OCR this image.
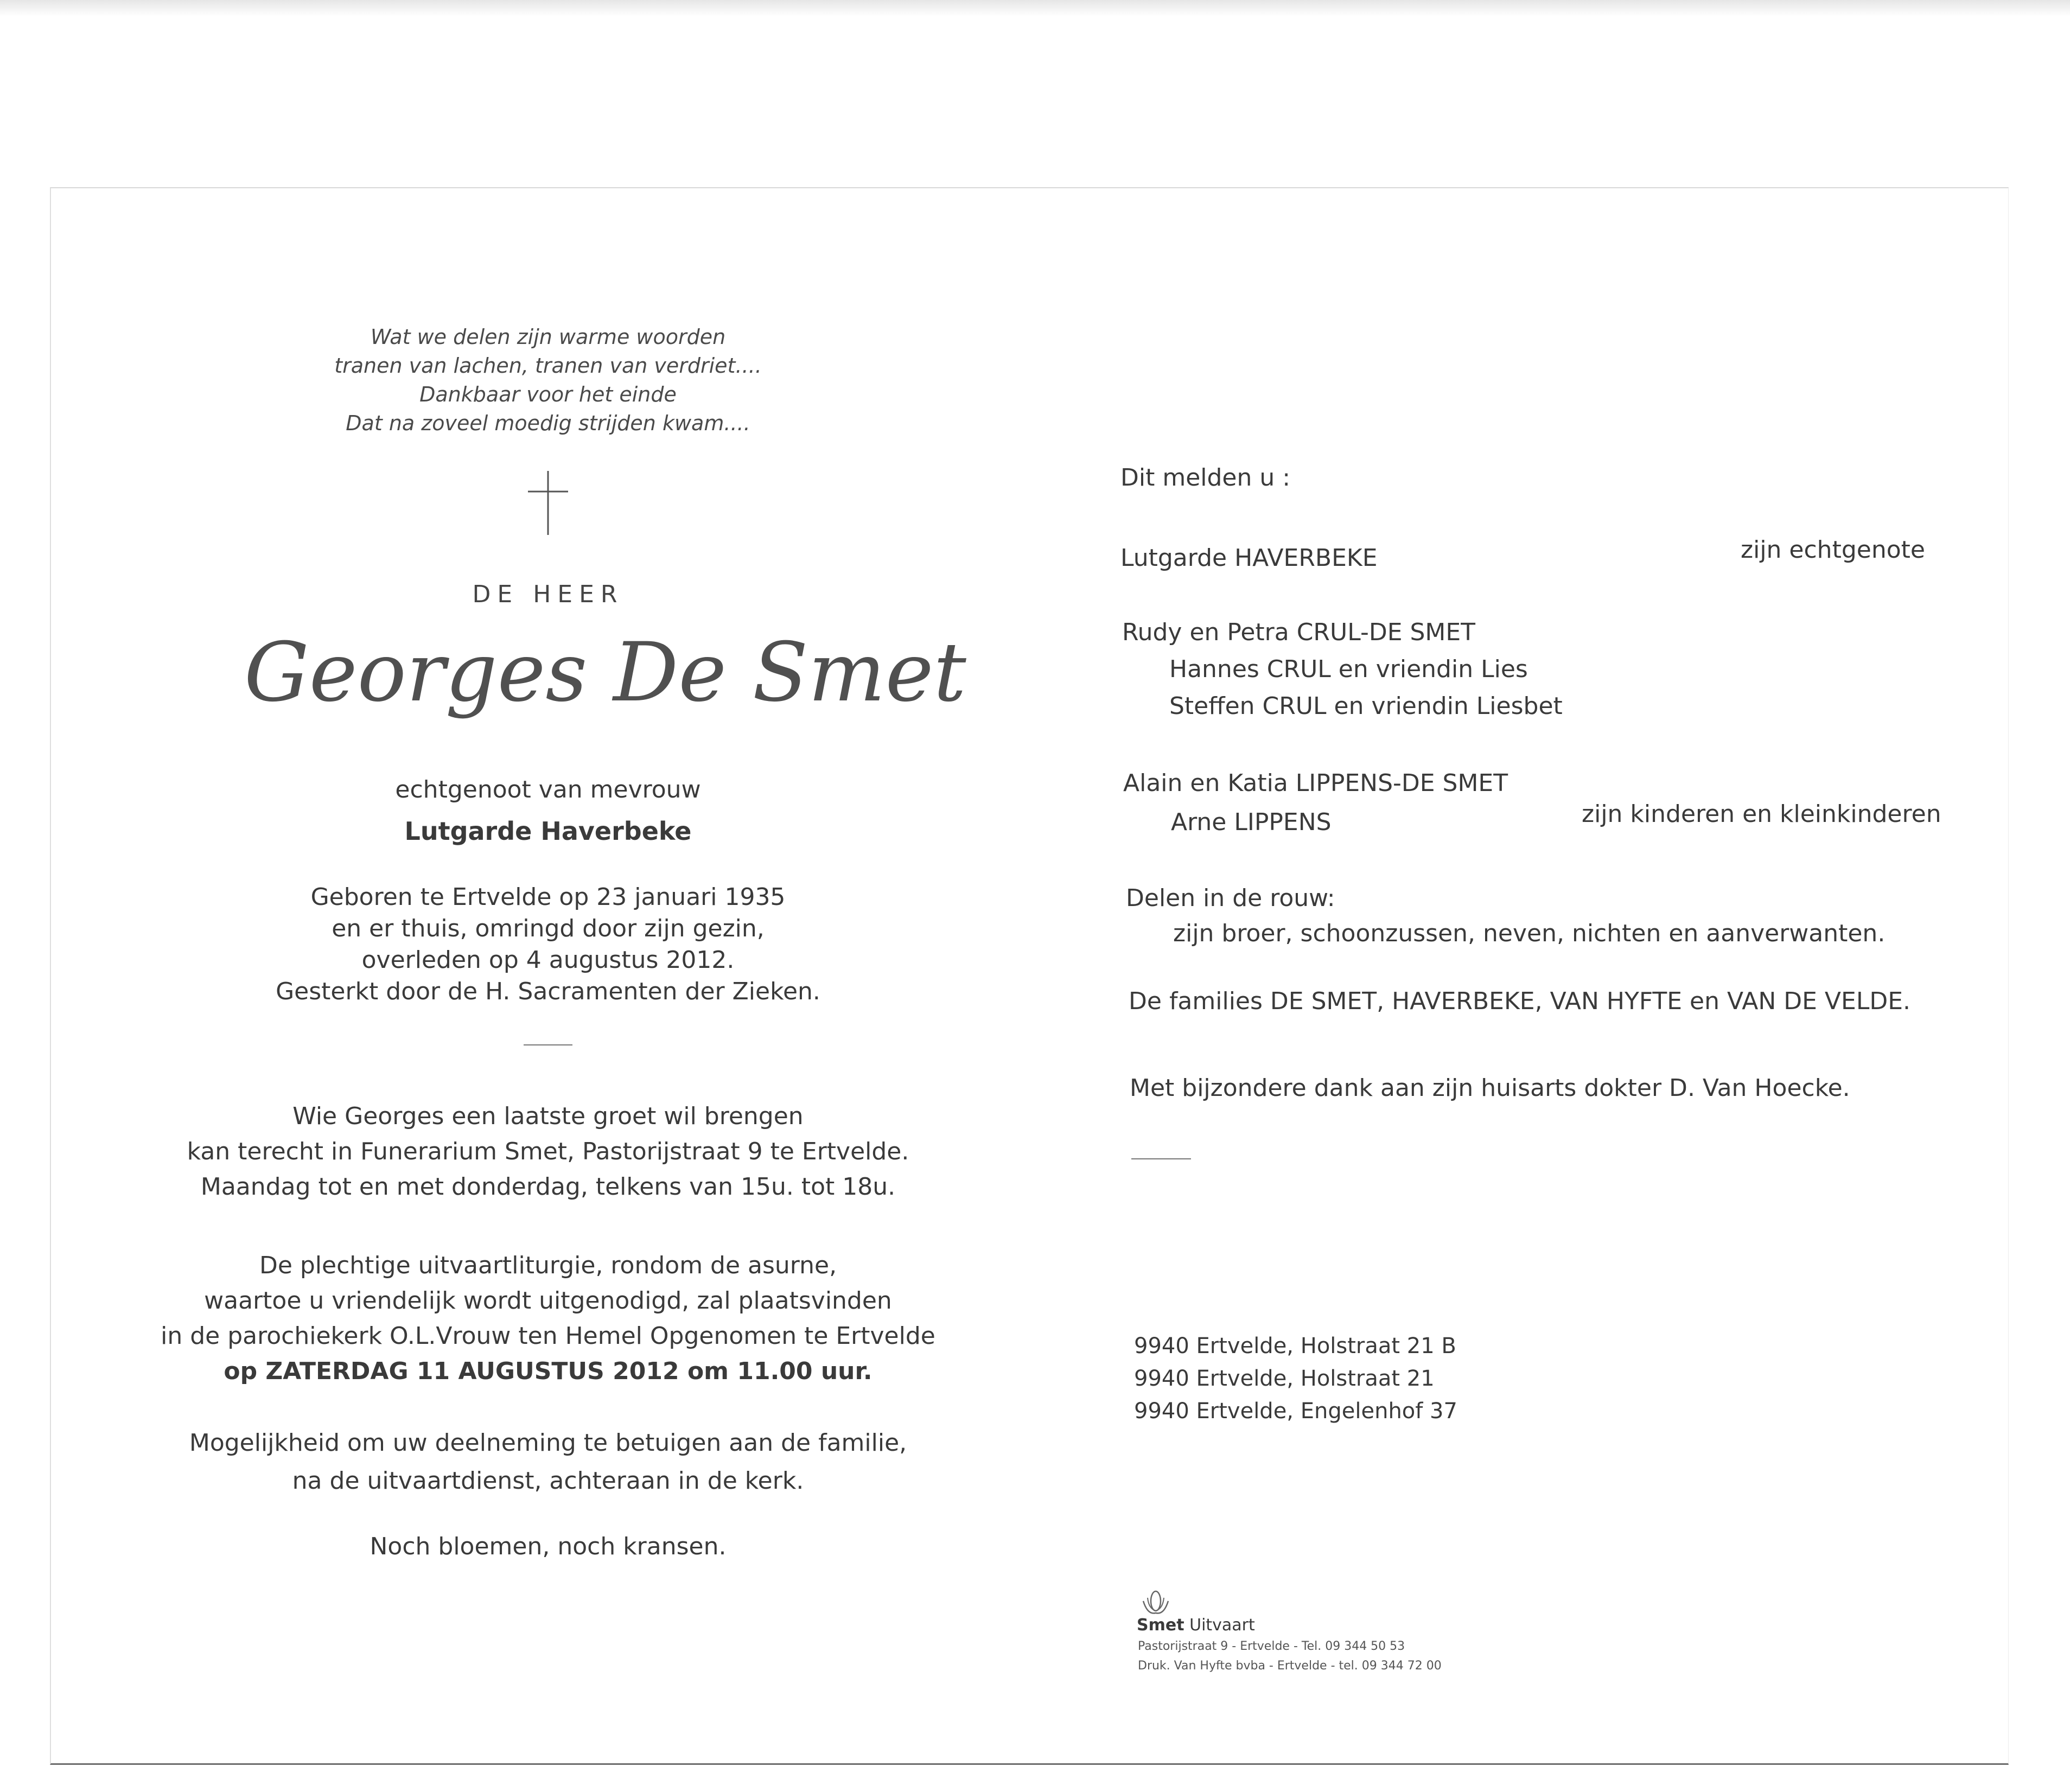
Wat we delen zijn warme woorden
tranen van lachen, tranen van verdriet....
Dankbaar voor het einde
Dat na zoveel moedig strijden kwam....
DE HEER
Georges De Smet
echtgenoot van mevrouw
Lutgarde Haverbeke
Geboren te Ertvelde op 23 januari 1935
en er thuis, omringd door zijn gezin,
overleden op 4 augustus 2012.
Gesterkt door de H. Sacramenten der Zieken.
Wie Georges een laatste groet wil brengen
kan terecht in Funerarium Smet, Pastorijstraat 9 te Ertvelde.
Maandag tot en met donderdag, telkens van 15u. tot 18u.
De plechtige uitvaartliturgie, rondom de asurne,
waartoe u vriendelijk wordt uitgenodigd, zal plaatsvinden
in de parochiekerk O.L.Vrouw ten Hemel Opgenomen te Ertvelde
op ZATERDAG 11 AUGUSTUS 2012 om 11.00 uur.
Mogelijkheid om uw deelneming te betuigen aan de familie,
na de uitvaartdienst, achteraan in de kerk.
Noch bloemen, noch kransen.
Dit melden u :
Lutgarde HAVERBEKE	zijn echtgenote
Rudy en Petra CRUL-DE SMET
Hannes CRUL en vriendin Lies
Steffen CRUL en vriendin Liesbet
Alain en Katia LIPPENS-DE SMET
Arne LIPPENS	zijn kinderen en kleinkinderen
Delen in de rouw:
zijn broer, schoonzussen, neven, nichten en aanverwanten.
De families DE SMET, HAVERBEKE, VAN HYFTE en VAN DE VELDE.
Met bijzondere dank aan zijn huisarts dokter D. Van Hoecke.
9940 Ertvelde, Holstraat 21 B
9940 Ertvelde, Holstraat 21
9940 Ertvelde, Engelenhof 37
Smet Uitvaart
Pastorijstraat 9 - Ertvelde - Tel. 09 344 50 53
Druk. Van Hyfte bvba - Ertvelde - tel. 09 344 72 00
